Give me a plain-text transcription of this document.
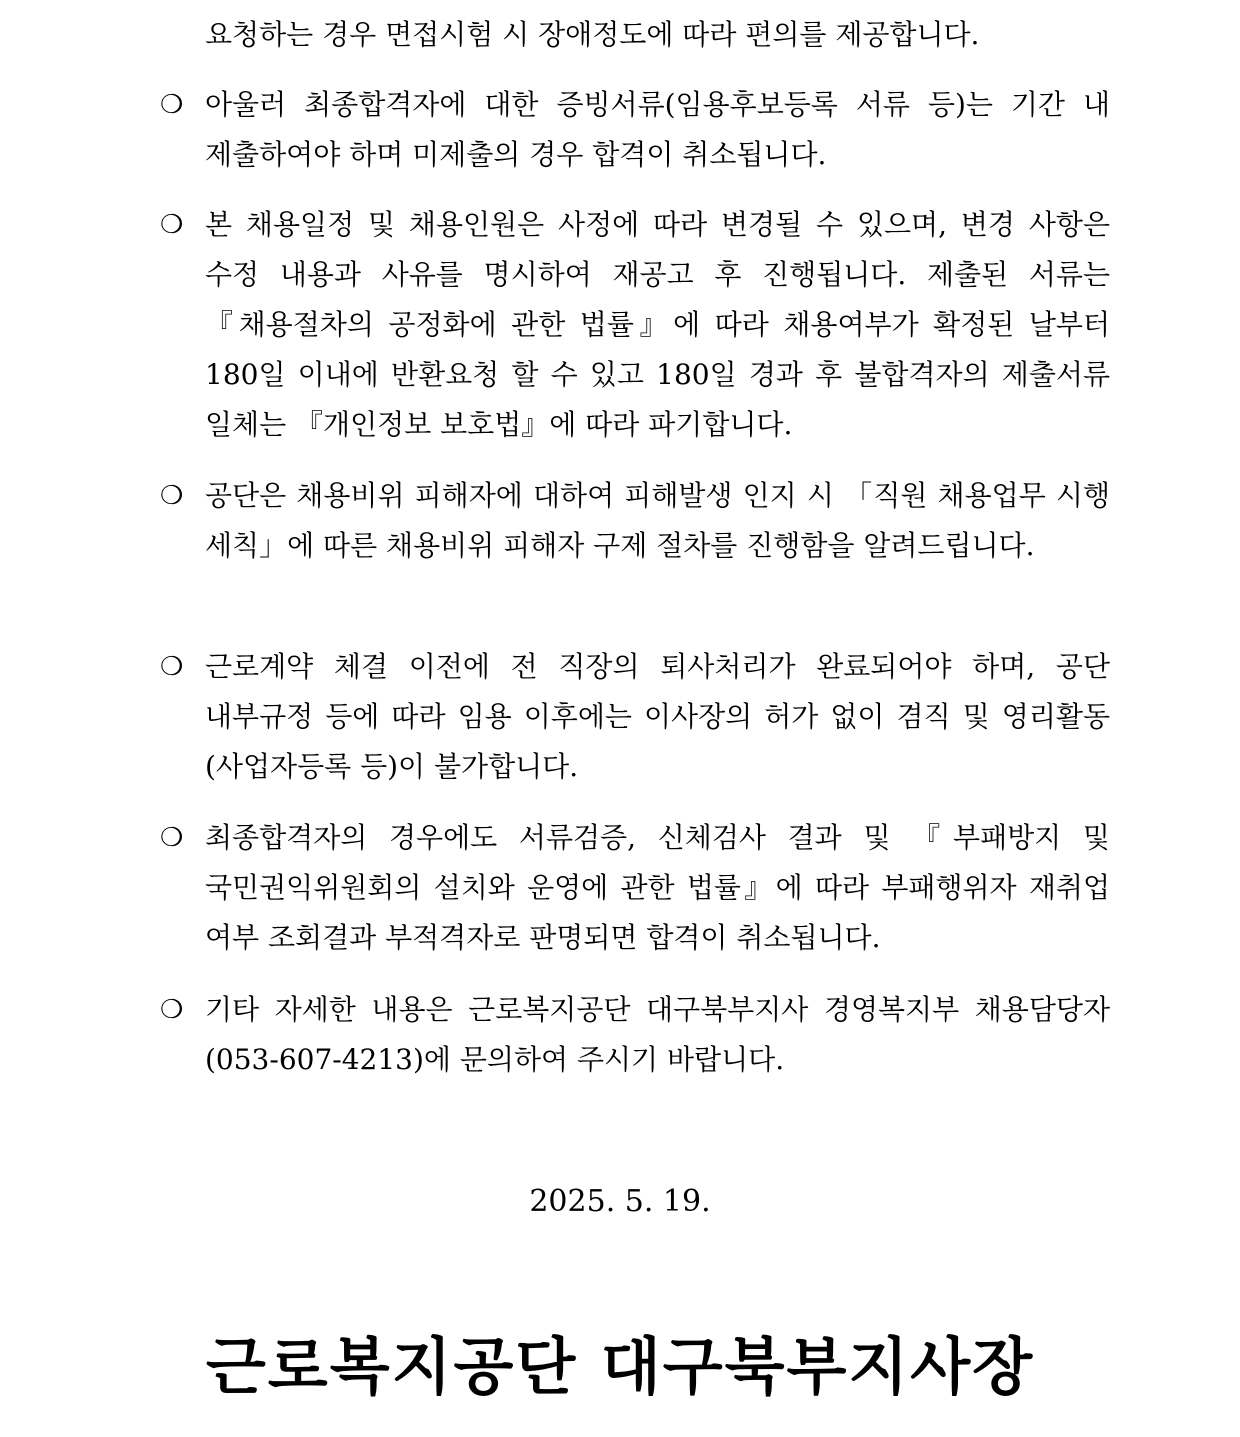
요청하는 경우 면접시험 시 장애정도에 따라 편의를 제공합니다.
❍ 아울러 최종합격자에 대한 증빙서류(임용후보등록 서류 등)는 기간 내 제출하여야 하며 미제출의 경우 합격이 취소됩니다.
❍ 본 채용일정 및 채용인원은 사정에 따라 변경될 수 있으며, 변경 사항은 수정 내용과 사유를 명시하여 재공고 후 진행됩니다. 제출된 서류는 『채용절차의 공정화에 관한 법률』에 따라 채용여부가 확정된 날부터 180일 이내에 반환요청 할 수 있고 180일 경과 후 불합격자의 제출서류 일체는 『개인정보 보호법』에 따라 파기합니다.
❍ 공단은 채용비위 피해자에 대하여 피해발생 인지 시 「직원 채용업무 시행 세칙」에 따른 채용비위 피해자 구제 절차를 진행함을 알려드립니다.
❍ 근로계약 체결 이전에 전 직장의 퇴사처리가 완료되어야 하며, 공단 내부규정 등에 따라 임용 이후에는 이사장의 허가 없이 겸직 및 영리활동(사업자등록 등)이 불가합니다.
❍ 최종합격자의 경우에도 서류검증, 신체검사 결과 및 『부패방지 및 국민권익위원회의 설치와 운영에 관한 법률』에 따라 부패행위자 재취업 여부 조회결과 부적격자로 판명되면 합격이 취소됩니다.
❍ 기타 자세한 내용은 근로복지공단 대구북부지사 경영복지부 채용담당자(053-607-4213)에 문의하여 주시기 바랍니다.
2025. 5. 19.
근로복지공단 대구북부지사장
